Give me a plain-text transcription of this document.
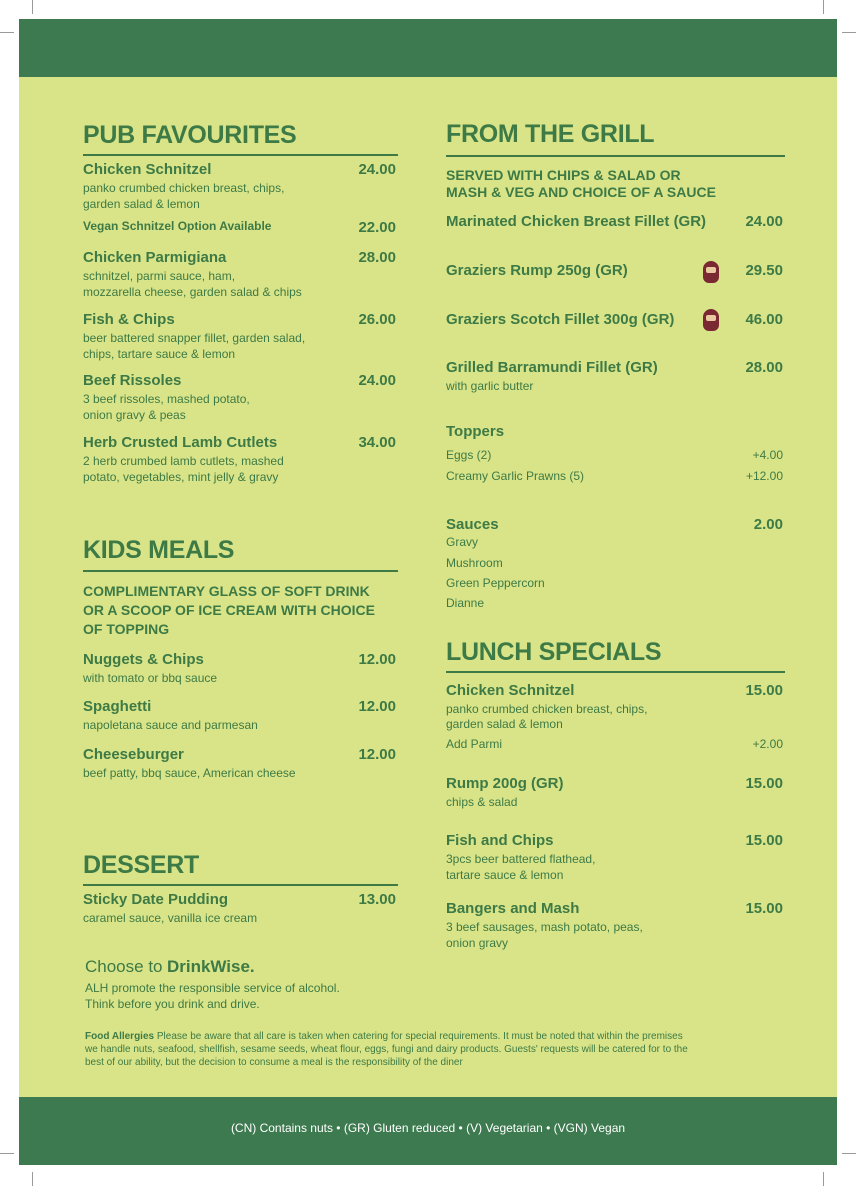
PUB FAVOURITES
Chicken Schnitzel	24.00
panko crumbed chicken breast, chips,
garden salad & lemon
Vegan Schnitzel Option Available	22.00
Chicken Parmigiana	28.00
schnitzel, parmi sauce, ham,
mozzarella cheese, garden salad & chips
Fish & Chips	26.00
beer battered snapper fillet, garden salad,
chips, tartare sauce & lemon
Beef Rissoles	24.00
3 beef rissoles, mashed potato,
onion gravy & peas
Herb Crusted Lamb Cutlets	34.00
2 herb crumbed lamb cutlets, mashed
potato, vegetables, mint jelly & gravy
KIDS MEALS
COMPLIMENTARY GLASS OF SOFT DRINK
OR A SCOOP OF ICE CREAM WITH CHOICE
OF TOPPING
Nuggets & Chips	12.00
with tomato or bbq sauce
Spaghetti	12.00
napoletana sauce and parmesan
Cheeseburger	12.00
beef patty, bbq sauce, American cheese
DESSERT
Sticky Date Pudding	13.00
caramel sauce, vanilla ice cream
Choose to DrinkWise.
ALH promote the responsible service of alcohol.
Think before you drink and drive.
Food Allergies Please be aware that all care is taken when catering for special requirements. It must be noted that within the premises
we handle nuts, seafood, shellfish, sesame seeds, wheat flour, eggs, fungi and dairy products. Guests' requests will be catered for to the
best of our ability, but the decision to consume a meal is the responsibility of the diner
FROM THE GRILL
SERVED WITH CHIPS & SALAD OR
MASH & VEG AND CHOICE OF A SAUCE
Marinated Chicken Breast Fillet (GR)	24.00
Graziers Rump 250g (GR)	29.50
Graziers Scotch Fillet 300g (GR)	46.00
Grilled Barramundi Fillet (GR)	28.00
with garlic butter
Toppers
Eggs (2)	+4.00
Creamy Garlic Prawns (5)	+12.00
Sauces	2.00
Gravy
Mushroom
Green Peppercorn
Dianne
LUNCH SPECIALS
Chicken Schnitzel	15.00
panko crumbed chicken breast, chips,
garden salad & lemon
Add Parmi	+2.00
Rump 200g (GR)	15.00
chips & salad
Fish and Chips	15.00
3pcs beer battered flathead,
tartare sauce & lemon
Bangers and Mash	15.00
3 beef sausages, mash potato, peas,
onion gravy
(CN) Contains nuts • (GR) Gluten reduced • (V) Vegetarian • (VGN) Vegan
